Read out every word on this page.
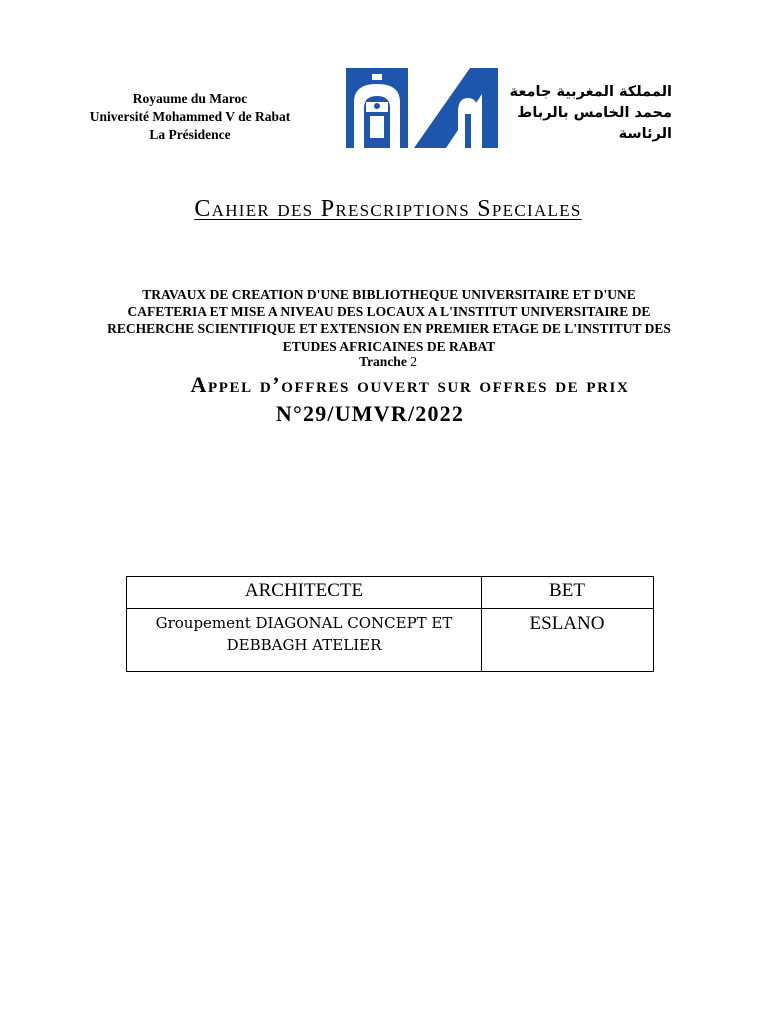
Royaume du Maroc
Université Mohammed V de Rabat
La Présidence
المملكة المغربية جامعة
محمد الخامس بالرباط
الرئاسة
Cahier des Prescriptions Speciales
TRAVAUX DE CREATION D'UNE BIBLIOTHEQUE UNIVERSITAIRE ET D'UNE
CAFETERIA ET MISE A NIVEAU DES LOCAUX A L'INSTITUT UNIVERSITAIRE DE
RECHERCHE SCIENTIFIQUE ET EXTENSION EN PREMIER ETAGE DE L'INSTITUT DES
ETUDES AFRICAINES DE RABAT
Tranche 2
Appel d’offres ouvert sur offres de prix
N°29/UMVR/2022
ARCHITECTE	BET
Groupement DIAGONAL CONCEPT ET
DEBBAGH ATELIER
ESLANO
